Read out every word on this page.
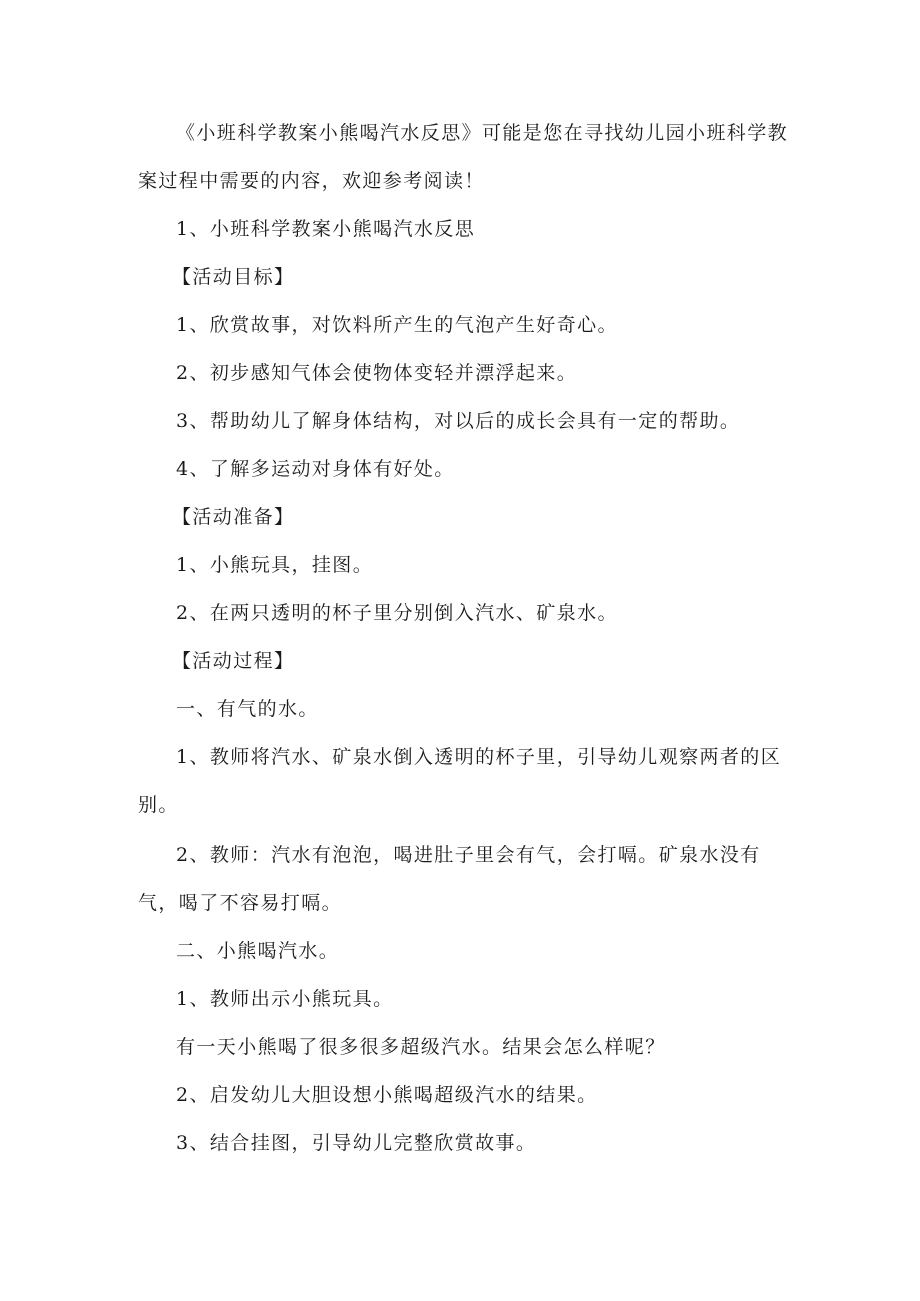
《小班科学教案小熊喝汽水反思》可能是您在寻找幼儿园小班科学教案过程中需要的内容，欢迎参考阅读！

1、小班科学教案小熊喝汽水反思

【活动目标】

1、欣赏故事，对饮料所产生的气泡产生好奇心。

2、初步感知气体会使物体变轻并漂浮起来。

3、帮助幼儿了解身体结构，对以后的成长会具有一定的帮助。

4、了解多运动对身体有好处。

【活动准备】

1、小熊玩具，挂图。

2、在两只透明的杯子里分别倒入汽水、矿泉水。

【活动过程】

一、有气的水。

1、教师将汽水、矿泉水倒入透明的杯子里，引导幼儿观察两者的区别。

2、教师：汽水有泡泡，喝进肚子里会有气，会打嗝。矿泉水没有气，喝了不容易打嗝。

二、小熊喝汽水。

1、教师出示小熊玩具。

有一天小熊喝了很多很多超级汽水。结果会怎么样呢？

2、启发幼儿大胆设想小熊喝超级汽水的结果。

3、结合挂图，引导幼儿完整欣赏故事。
